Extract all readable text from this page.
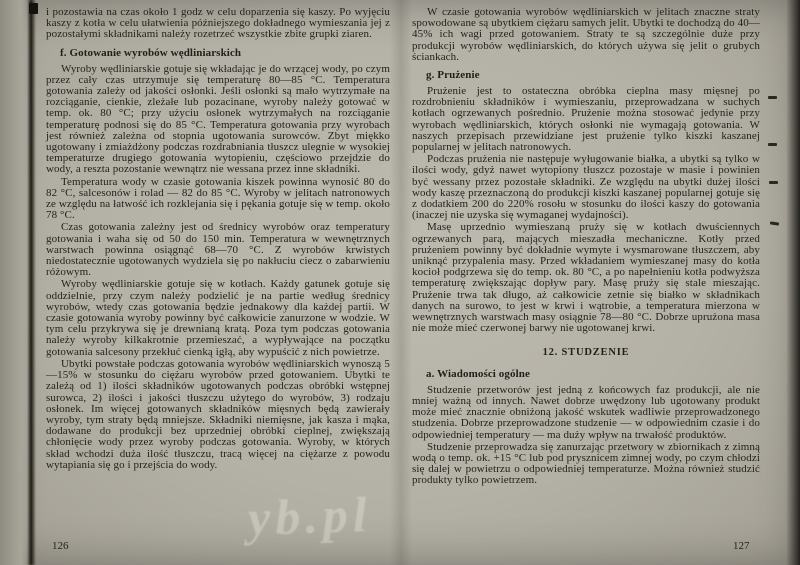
i pozostawia na czas około 1 godz w celu doparzenia się kaszy. Po wyjęciu kaszy z kotła w celu ułatwienia późniejszego dokładnego wymieszania jej z pozostałymi składnikami należy rozetrzeć wszystkie zbite grupki ziaren.

f. Gotowanie wyrobów wędliniarskich

Wyroby wędliniarskie gotuje się wkładając je do wrzącej wody, po czym przez cały czas utrzymuje się temperaturę 80—85 °C. Temperatura gotowania zależy od jakości osłonki. Jeśli osłonki są mało wytrzymałe na rozciąganie, cienkie, zleżałe lub pozacinane, wyroby należy gotować w temp. ok. 80 °C; przy użyciu osłonek wytrzymałych na rozciąganie temperaturę podnosi się do 85 °C. Temperatura gotowania przy wyrobach jest również zależna od stopnia ugotowania surowców. Zbyt miękko ugotowany i zmiażdżony podczas rozdrabniania tłuszcz ulegnie w wysokiej temperaturze drugiego gotowania wytopieniu, częściowo przejdzie do wody, a reszta pozostanie wewnątrz nie wessana przez inne składniki.

Temperatura wody w czasie gotowania kiszek powinna wynosić 80 do 82 °C, salcesonów i rolad — 82 do 85 °C. Wyroby w jelitach natronowych ze względu na łatwość ich rozklejania się i pękania gotuje się w temp. około 78 °C.

Czas gotowania zależny jest od średnicy wyrobów oraz temperatury gotowania i waha się od 50 do 150 min. Temperatura w wewnętrznych warstwach powinna osiągnąć 68—70 °C. Z wyrobów krwistych niedostatecznie ugotowanych wydziela się po nakłuciu ciecz o zabarwieniu różowym.

Wyroby wędliniarskie gotuje się w kotłach. Każdy gatunek gotuje się oddzielnie, przy czym należy podzielić je na partie według średnicy wyrobów, wtedy czas gotowania będzie jednakowy dla każdej partii. W czasie gotowania wyroby powinny być całkowicie zanurzone w wodzie. W tym celu przykrywa się je drewnianą kratą. Poza tym podczas gotowania należy wyroby kilkakrotnie przemieszać, a wypływające na początku gotowania salcesony przekłuć cienką igłą, aby wypuścić z nich powietrze.

Ubytki powstałe podczas gotowania wyrobów wędliniarskich wynoszą 5—15% w stosunku do ciężaru wyrobów przed gotowaniem. Ubytki te zależą od 1) ilości składników ugotowanych podczas obróbki wstępnej surowca, 2) ilości i jakości tłuszczu użytego do wyrobów, 3) rodzaju osłonek. Im więcej gotowanych składników mięsnych będą zawierały wyroby, tym straty będą mniejsze. Składniki niemięsne, jak kasza i mąka, dodawane do produkcji bez uprzedniej obróbki cieplnej, zwiększają chłonięcie wody przez wyroby podczas gotowania. Wyroby, w których skład wchodzi duża ilość tłuszczu, tracą więcej na ciężarze z powodu wytapiania się go i przejścia do wody.

W czasie gotowania wyrobów wędliniarskich w jelitach znaczne straty spowodowane są ubytkiem ciężaru samych jelit. Ubytki te dochodzą do 40—45% ich wagi przed gotowaniem. Straty te są szczególnie duże przy produkcji wyrobów wędliniarskich, do których używa się jelit o grubych ściankach.

g. Prużenie

Prużenie jest to ostateczna obróbka cieplna masy mięsnej po rozdrobnieniu składników i wymieszaniu, przeprowadzana w suchych kotłach ogrzewanych pośrednio. Prużenie można stosować jedynie przy wyrobach wędliniarskich, których osłonki nie wymagają gotowania. W naszych przepisach przewidziane jest prużenie tylko kiszki kaszanej popularnej w jelitach natronowych.

Podczas prużenia nie następuje wyługowanie białka, a ubytki są tylko w ilości wody, gdyż nawet wytopiony tłuszcz pozostaje w masie i powinien być wessany przez pozostałe składniki. Ze względu na ubytki dużej ilości wody kaszę przeznaczoną do produkcji kiszki kaszanej popularnej gotuje się z dodatkiem 200 do 220% rosołu w stosunku do ilości kaszy do gotowania (inaczej nie uzyska się wymaganej wydajności).

Masę uprzednio wymieszaną pruży się w kotłach dwuściennych ogrzewanych parą, mających mieszadła mechaniczne. Kotły przed prużeniem powinny być dokładnie wymyte i wysmarowane tłuszczem, aby uniknąć przypalenia masy. Przed wkładaniem wymieszanej masy do kotła kocioł podgrzewa się do temp. ok. 80 °C, a po napełnieniu kotła podwyższa temperaturę zwiększając dopływ pary. Masę pruży się stale mieszając. Prużenie trwa tak długo, aż całkowicie zetnie się białko w składnikach danych na surowo, to jest w krwi i wątrobie, a temperatura mierzona w wewnętrznych warstwach masy osiągnie 78—80 °C. Dobrze uprużona masa nie może mieć czerwonej barwy nie ugotowanej krwi.

12. STUDZENIE
a. Wiadomości ogólne

Studzenie przetworów jest jedną z końcowych faz produkcji, ale nie mniej ważną od innych. Nawet dobrze uwędzony lub ugotowany produkt może mieć znacznie obniżoną jakość wskutek wadliwie przeprowadzonego studzenia. Dobrze przeprowadzone studzenie — w odpowiednim czasie i do odpowiedniej temperatury — ma duży wpływ na trwałość produktów.

Studzenie przeprowadza się zanurzając przetwory w zbiornikach z zimną wodą o temp. ok. +15 °C lub pod prysznicem zimnej wody, po czym chłodzi się dalej w powietrzu o odpowiedniej temperaturze. Można również studzić produkty tylko powietrzem.

126	127
yb.pl
